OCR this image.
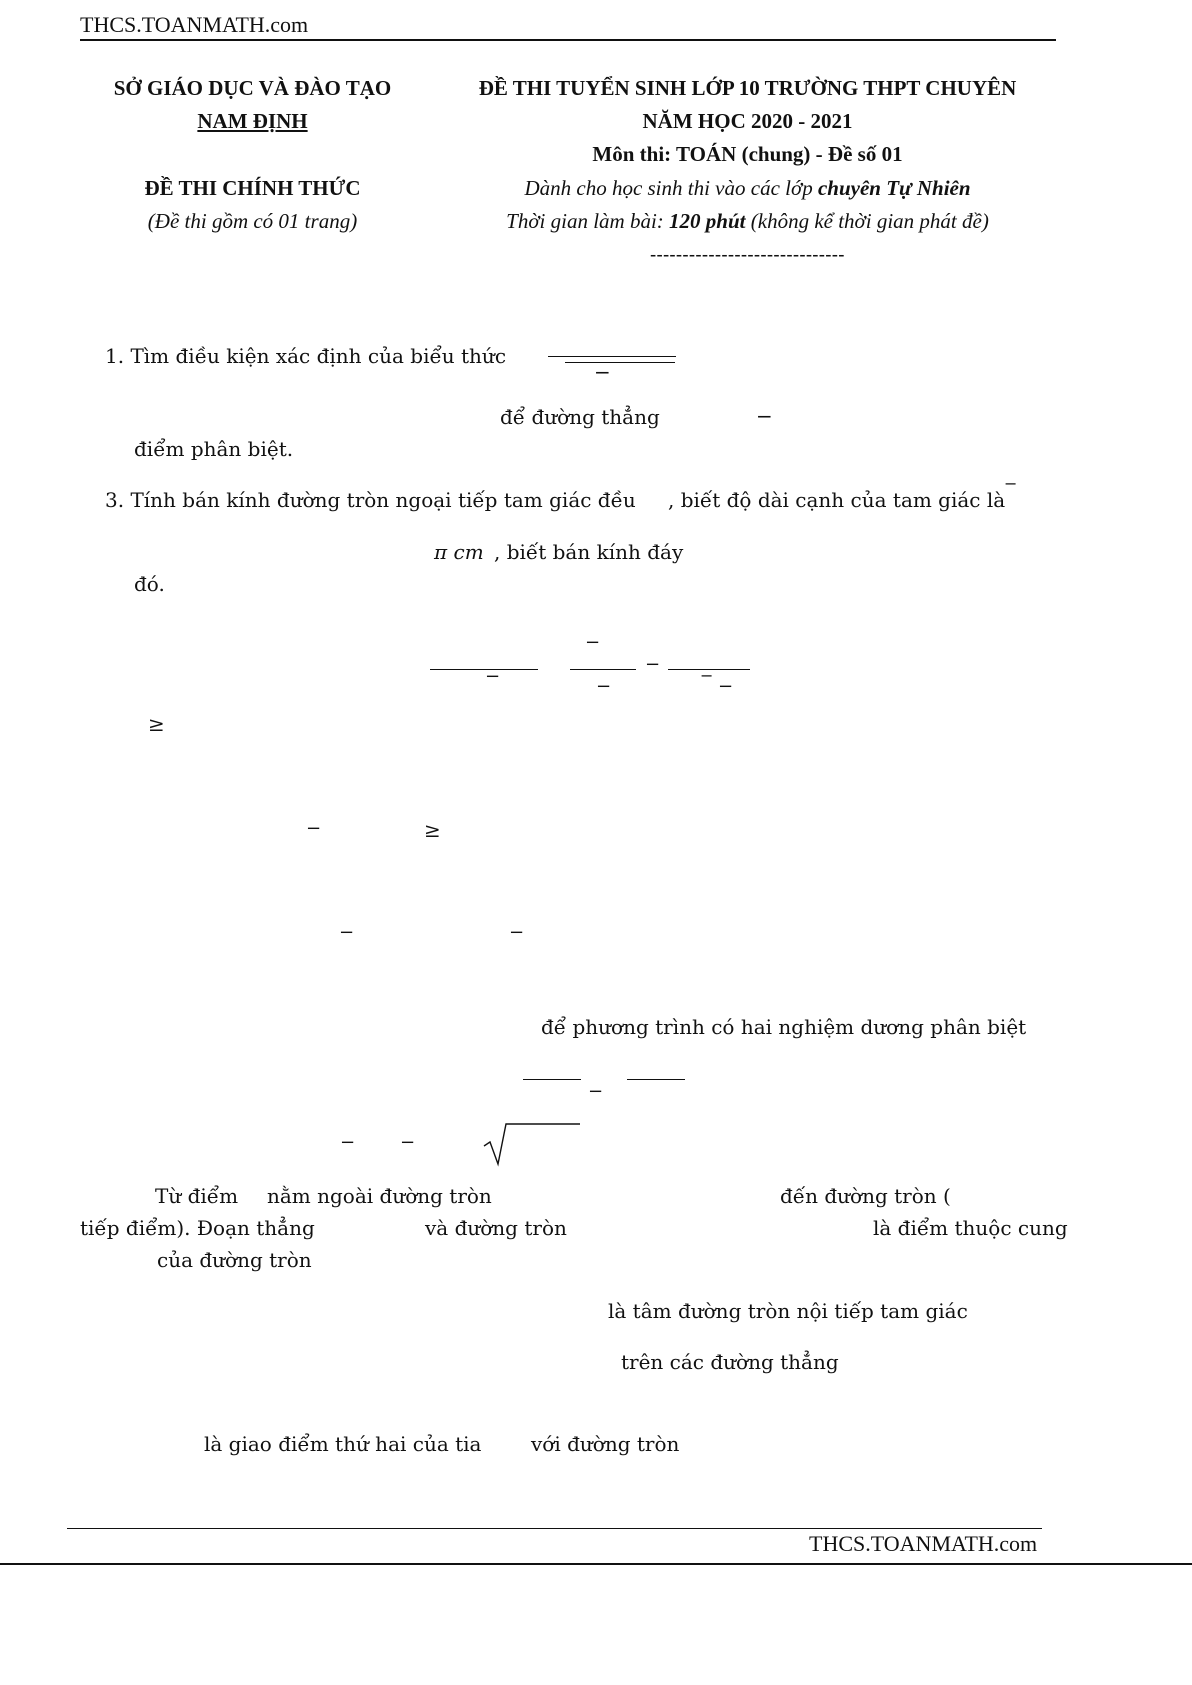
THCS.TOANMATH.com
SỞ GIÁO DỤC VÀ ĐÀO TẠO
NAM ĐỊNH
ĐỀ THI CHÍNH THỨC
(Đề thi gồm có 01 trang)
ĐỀ THI TUYỂN SINH LỚP 10 TRƯỜNG THPT CHUYÊN
NĂM HỌC 2020 - 2021
Môn thi: TOÁN (chung) - Đề số 01
Dành cho học sinh thi vào các lớp chuyên Tự Nhiên
Thời gian làm bài: 120 phút (không kể thời gian phát đề)
------------------------------
1. Tìm điều kiện xác định của biểu thức
−
để đường thẳng	−
điểm phân biệt.
3. Tính bán kính đường tròn ngoại tiếp tam giác đều , biết độ dài cạnh của tam giác là
−
π cm , biết bán kính đáy
đó.
−
−
−
−
−	−
≥
−	≥
−	−
để phương trình có hai nghiệm dương phân biệt
−
− −
Từ điểm nằm ngoài đường tròn	đến đường tròn (
tiếp điểm). Đoạn thẳng	và đường tròn	là điểm thuộc cung
của đường tròn
là tâm đường tròn nội tiếp tam giác
trên các đường thẳng
là giao điểm thứ hai của tia với đường tròn
THCS.TOANMATH.com
